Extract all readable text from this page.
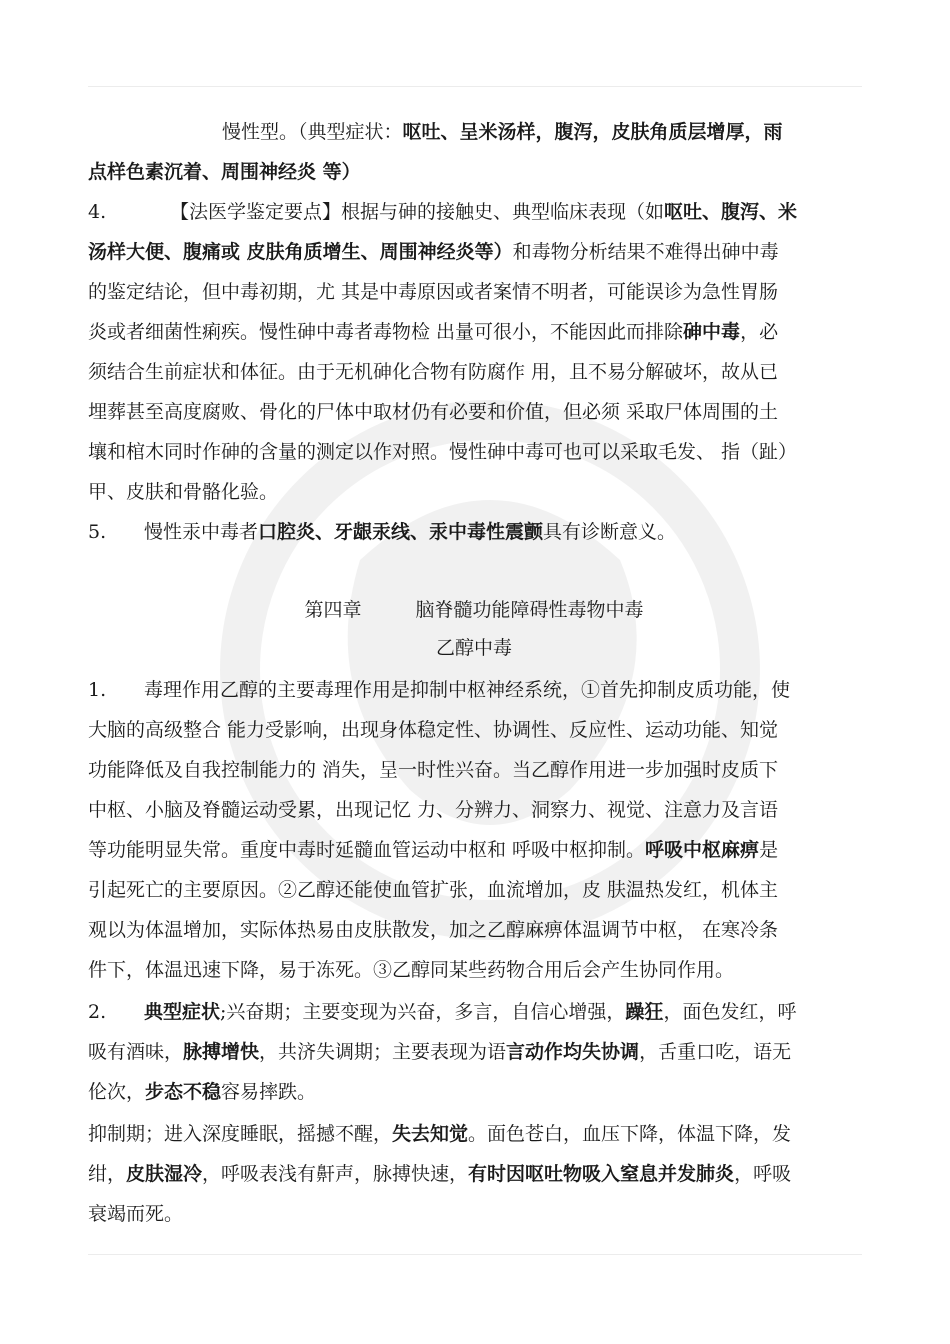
慢性型。（典型症状：呕吐、呈米汤样，腹泻，皮肤角质层增厚，雨
点样色素沉着、周围神经炎 等）
4.	【法医学鉴定要点】根据与砷的接触史、典型临床表现（如呕吐、腹泻、米
汤样大便、腹痛或 皮肤角质增生、周围神经炎等）和毒物分析结果不难得出砷中毒
的鉴定结论，但中毒初期，尤 其是中毒原因或者案情不明者，可能误诊为急性胃肠
炎或者细菌性痢疾。慢性砷中毒者毒物检 出量可很小，不能因此而排除砷中毒，必
须结合生前症状和体征。由于无机砷化合物有防腐作 用，且不易分解破坏，故从已
埋葬甚至高度腐败、骨化的尸体中取材仍有必要和价值，但必须 采取尸体周围的土
壤和棺木同时作砷的含量的测定以作对照。慢性砷中毒可也可以采取毛发、 指（趾）
甲、皮肤和骨骼化验。
5. 慢性汞中毒者口腔炎、牙龈汞线、汞中毒性震颤具有诊断意义。
第四章	脑脊髓功能障碍性毒物中毒
乙醇中毒
1. 毒理作用乙醇的主要毒理作用是抑制中枢神经系统，①首先抑制皮质功能，使
大脑的高级整合 能力受影响，出现身体稳定性、协调性、反应性、运动功能、知觉
功能降低及自我控制能力的 消失，呈一时性兴奋。当乙醇作用进一步加强时皮质下
中枢、小脑及脊髓运动受累，出现记忆 力、分辨力、洞察力、视觉、注意力及言语
等功能明显失常。重度中毒时延髓血管运动中枢和 呼吸中枢抑制。呼吸中枢麻痹是
引起死亡的主要原因。②乙醇还能使血管扩张，血流增加，皮 肤温热发红，机体主
观以为体温增加，实际体热易由皮肤散发，加之乙醇麻痹体温调节中枢， 在寒冷条
件下，体温迅速下降，易于冻死。③乙醇同某些药物合用后会产生协同作用。
2. 典型症状;兴奋期；主要变现为兴奋，多言，自信心增强，躁狂，面色发红，呼
吸有酒味，脉搏增快，共济失调期；主要表现为语言动作均失协调，舌重口吃，语无
伦次，步态不稳容易摔跌。
抑制期；进入深度睡眠，摇撼不醒，失去知觉。面色苍白，血压下降，体温下降，发
绀，皮肤湿冷，呼吸表浅有鼾声，脉搏快速，有时因呕吐物吸入窒息并发肺炎，呼吸
衰竭而死。
